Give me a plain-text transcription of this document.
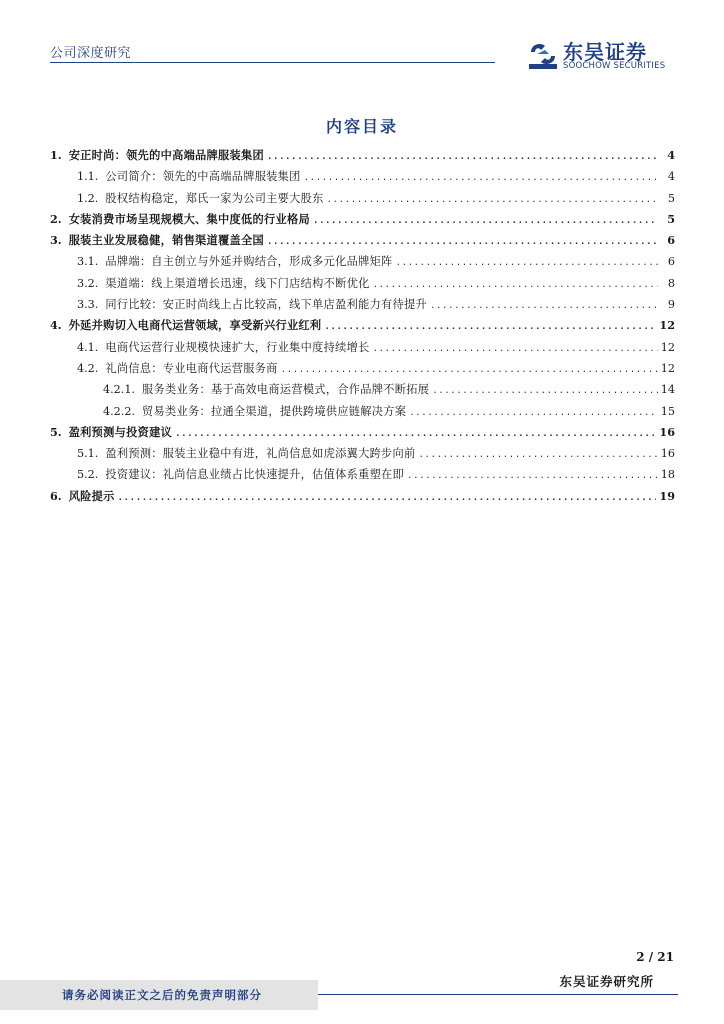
公司深度研究	东吴证券
SOOCHOW SECURITIES
内容目录
1. 安正时尚：领先的中高端品牌服装集团 .....	4
1.1. 公司简介：领先的中高端品牌服装集团 .....	4
1.2. 股权结构稳定，郑氏一家为公司主要大股东 .....	5
2. 女装消费市场呈现规模大、集中度低的行业格局 .....	5
3. 服装主业发展稳健，销售渠道覆盖全国 .....	6
3.1. 品牌端：自主创立与外延并购结合，形成多元化品牌矩阵 .....	6
3.2. 渠道端：线上渠道增长迅速，线下门店结构不断优化 .....	8
3.3. 同行比较：安正时尚线上占比较高，线下单店盈利能力有待提升 .....	9
4. 外延并购切入电商代运营领域，享受新兴行业红利 .....	12
4.1. 电商代运营行业规模快速扩大，行业集中度持续增长 .....	12
4.2. 礼尚信息：专业电商代运营服务商 .....	12
4.2.1. 服务类业务：基于高效电商运营模式，合作品牌不断拓展 .....	14
4.2.2. 贸易类业务：拉通全渠道，提供跨境供应链解决方案 .....	15
5. 盈利预测与投资建议 .....	16
5.1. 盈利预测：服装主业稳中有进，礼尚信息如虎添翼大跨步向前 .....	16
5.2. 投资建议：礼尚信息业绩占比快速提升，估值体系重塑在即 .....	18
6. 风险提示 .....	19
2 / 21
请务必阅读正文之后的免责声明部分
东吴证券研究所
